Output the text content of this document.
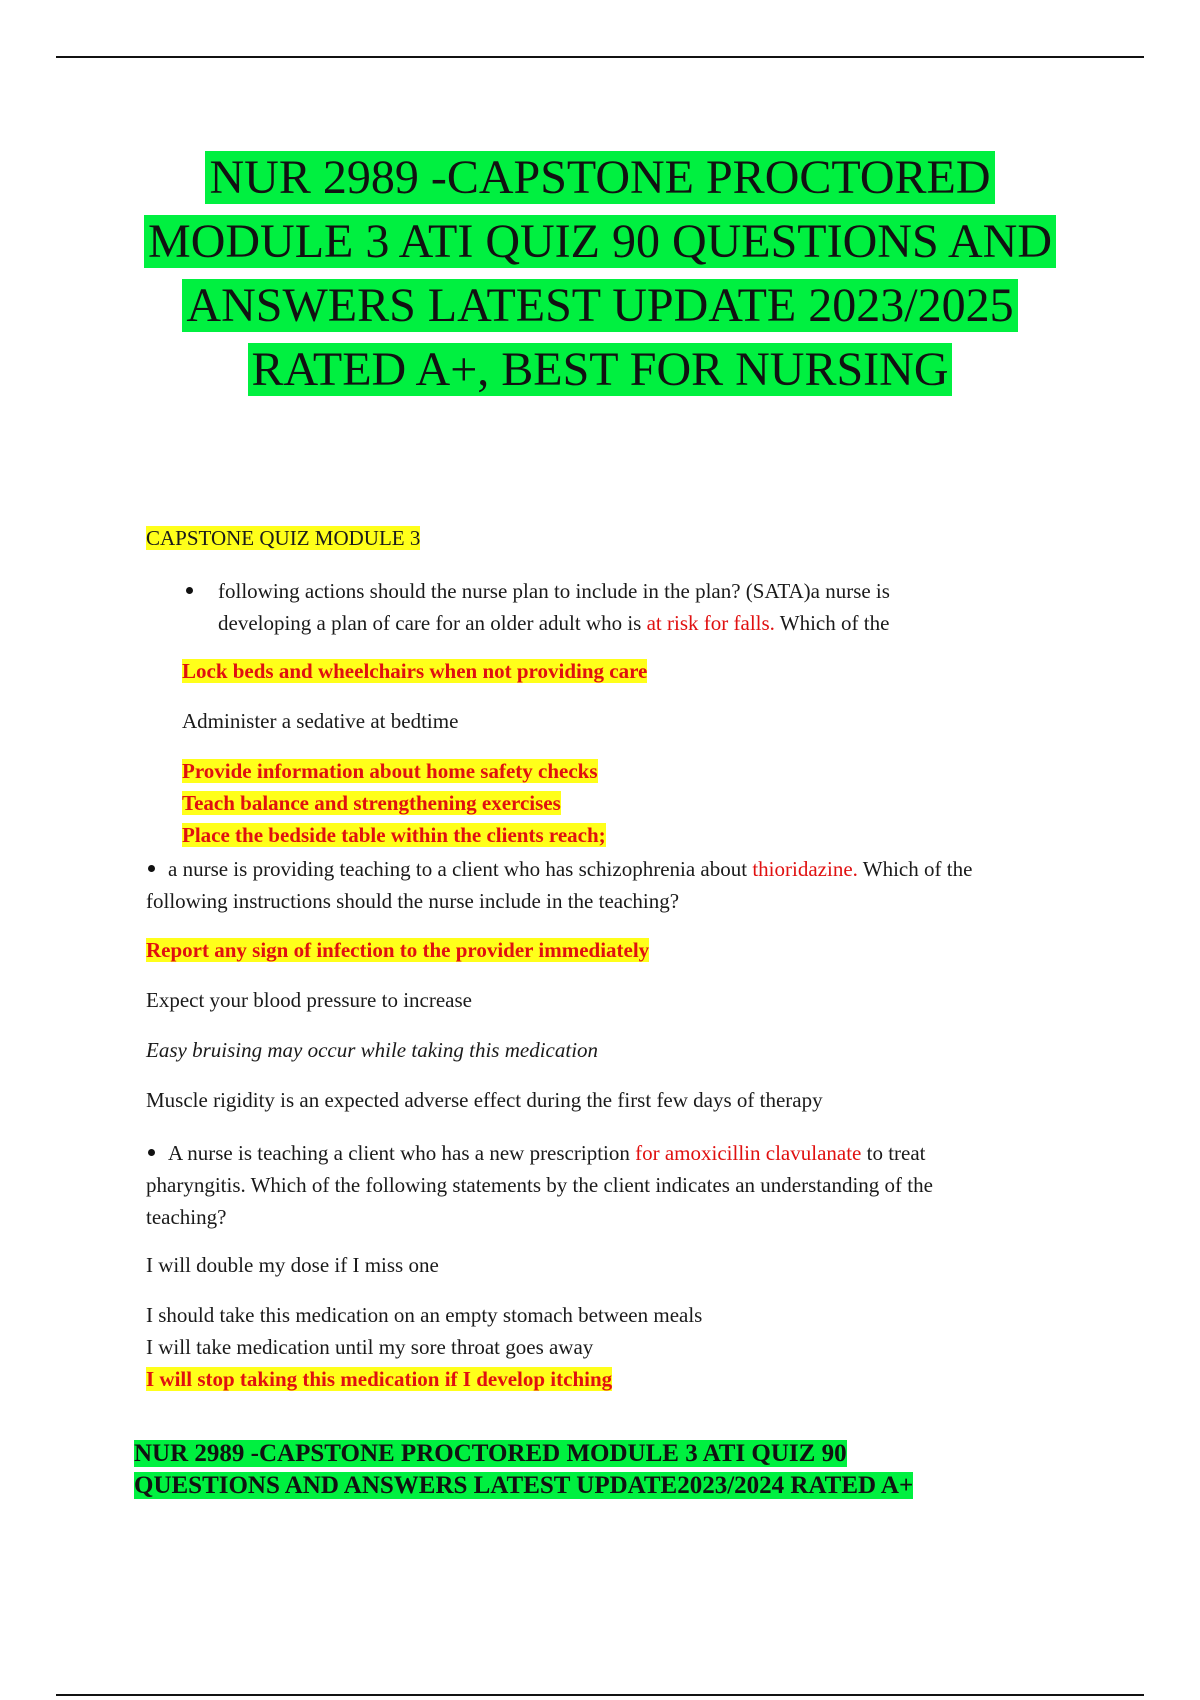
NUR 2989 -CAPSTONE PROCTORED
MODULE 3 ATI QUIZ 90 QUESTIONS AND
ANSWERS LATEST UPDATE 2023/2025
RATED A+, BEST FOR NURSING
CAPSTONE QUIZ MODULE 3
following actions should the nurse plan to include in the plan? (SATA)a nurse is
developing a plan of care for an older adult who is at risk for falls. Which of the
Lock beds and wheelchairs when not providing care
Administer a sedative at bedtime
Provide information about home safety checks
Teach balance and strengthening exercises
Place the bedside table within the clients reach;
a nurse is providing teaching to a client who has schizophrenia about thioridazine. Which of the
following instructions should the nurse include in the teaching?
Report any sign of infection to the provider immediately
Expect your blood pressure to increase
Easy bruising may occur while taking this medication
Muscle rigidity is an expected adverse effect during the first few days of therapy
A nurse is teaching a client who has a new prescription for amoxicillin clavulanate to treat
pharyngitis. Which of the following statements by the client indicates an understanding of the
teaching?
I will double my dose if I miss one
I should take this medication on an empty stomach between meals
I will take medication until my sore throat goes away
I will stop taking this medication if I develop itching
NUR 2989 -CAPSTONE PROCTORED MODULE 3 ATI QUIZ 90
QUESTIONS AND ANSWERS LATEST UPDATE2023/2024 RATED A+
